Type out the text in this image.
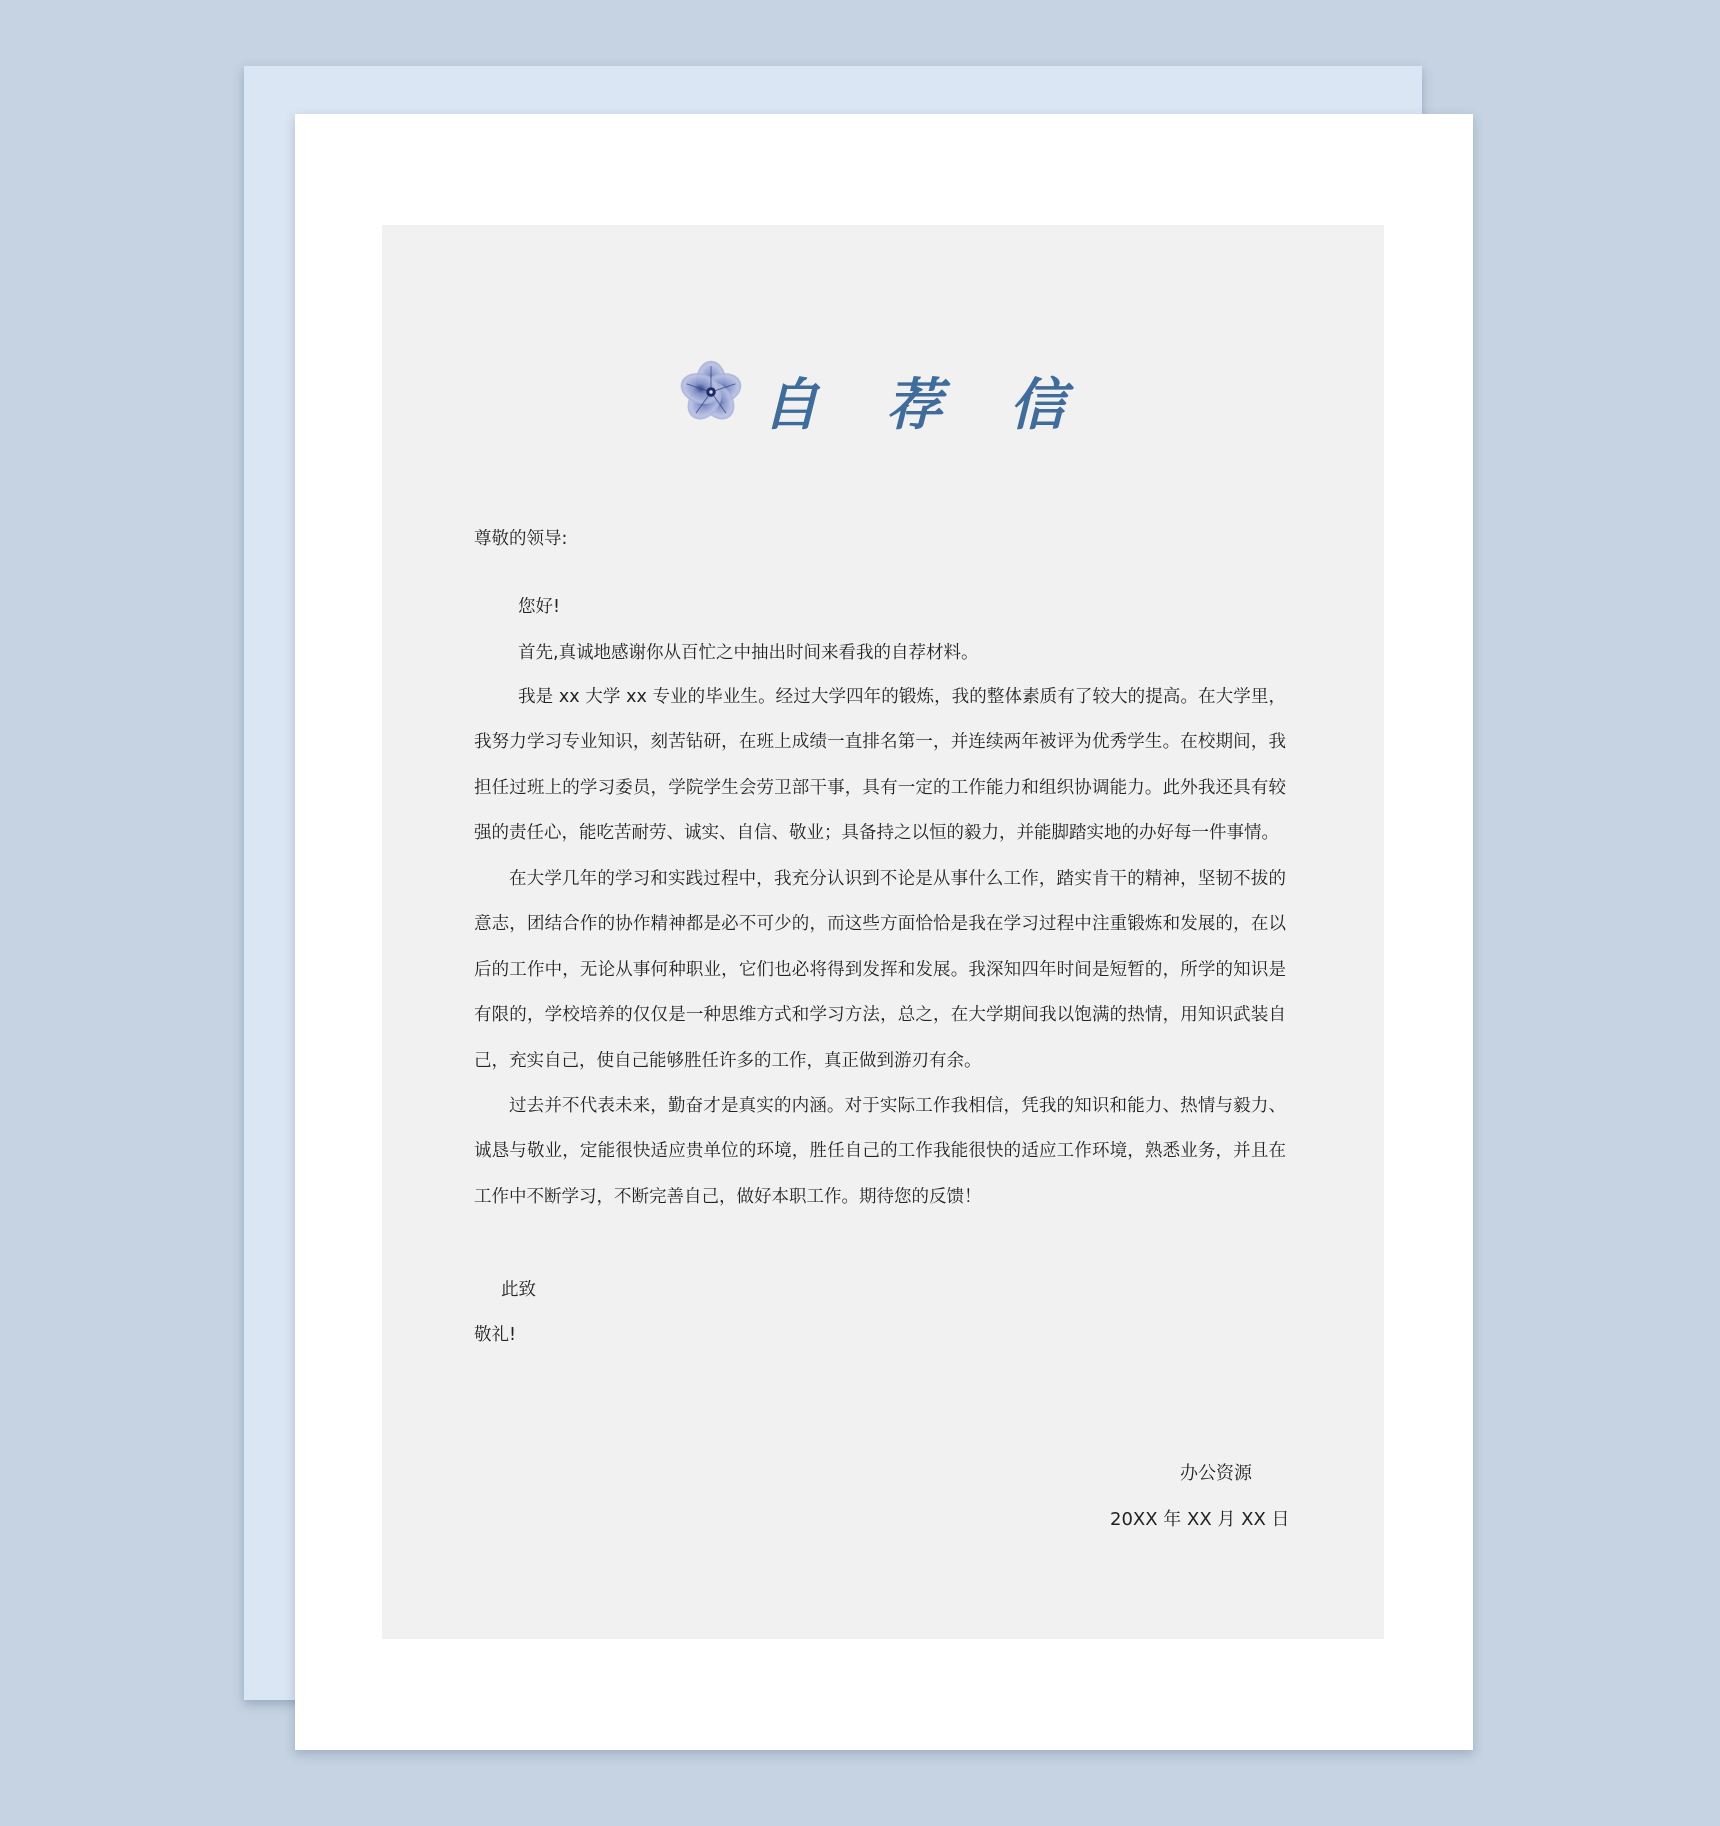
自 荐 信
尊敬的领导:
您好!
首先,真诚地感谢你从百忙之中抽出时间来看我的自荐材料。
我是 xx 大学 xx 专业的毕业生。经过大学四年的锻炼，我的整体素质有了较大的提高。在大学里，我努力学习专业知识，刻苦钻研，在班上成绩一直排名第一，并连续两年被评为优秀学生。在校期间，我担任过班上的学习委员，学院学生会劳卫部干事，具有一定的工作能力和组织协调能力。此外我还具有较强的责任心，能吃苦耐劳、诚实、自信、敬业；具备持之以恒的毅力，并能脚踏实地的办好每一件事情。
在大学几年的学习和实践过程中，我充分认识到不论是从事什么工作，踏实肯干的精神，坚韧不拔的意志，团结合作的协作精神都是必不可少的，而这些方面恰恰是我在学习过程中注重锻炼和发展的，在以后的工作中，无论从事何种职业，它们也必将得到发挥和发展。我深知四年时间是短暂的，所学的知识是有限的，学校培养的仅仅是一种思维方式和学习方法，总之，在大学期间我以饱满的热情，用知识武装自己，充实自己，使自己能够胜任许多的工作，真正做到游刃有余。
过去并不代表未来，勤奋才是真实的内涵。对于实际工作我相信，凭我的知识和能力、热情与毅力、诚恳与敬业，定能很快适应贵单位的环境，胜任自己的工作我能很快的适应工作环境，熟悉业务，并且在工作中不断学习，不断完善自己，做好本职工作。期待您的反馈！
此致
敬礼!
办公资源
20XX 年 XX 月 XX 日
